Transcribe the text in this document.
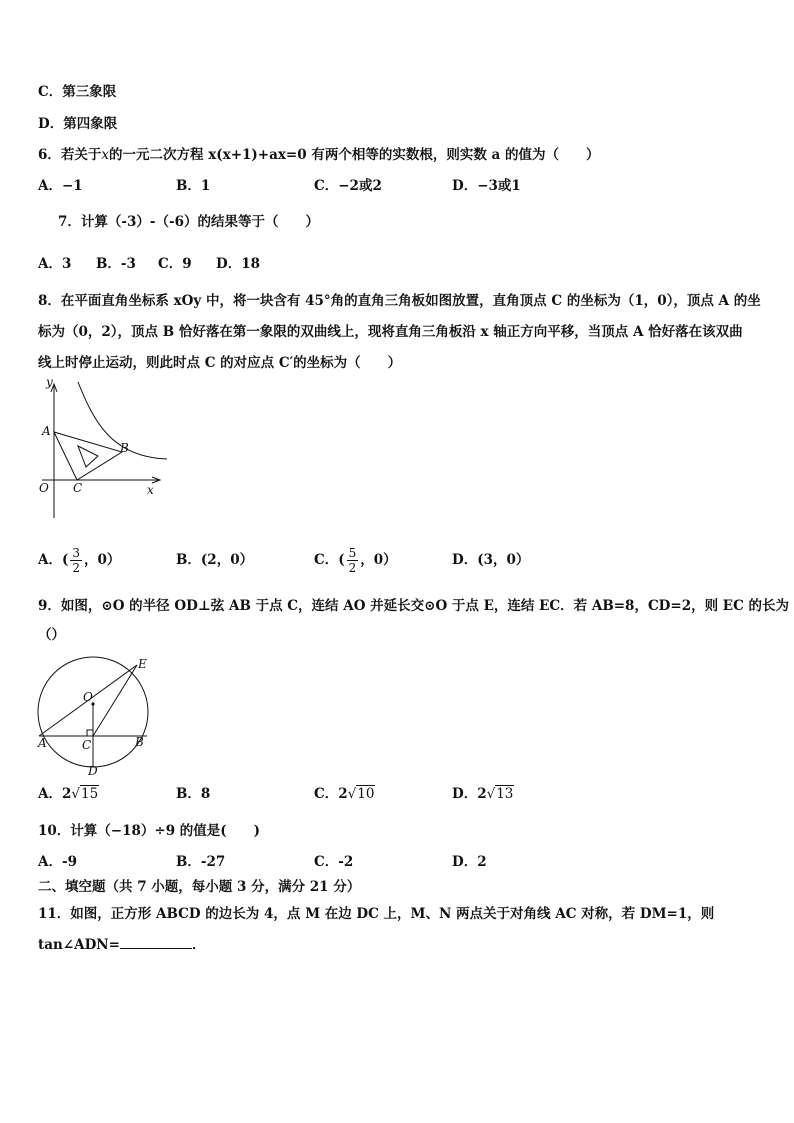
C．第三象限
D．第四象限
6．若关于x的一元二次方程 x(x+1)+ax=0 有两个相等的实数根，则实数 a 的值为（　　）
A．−1	B．1	C．−2或2	D．−3或1
7．计算（-3）-（-6）的结果等于（　　）
A．3 B．-3 C．9 D．18
8．在平面直角坐标系 xOy 中，将一块含有 45°角的直角三角板如图放置，直角顶点 C 的坐标为（1，0），顶点 A 的坐
标为（0，2），顶点 B 恰好落在第一象限的双曲线上，现将直角三角板沿 x 轴正方向平移，当顶点 A 恰好落在该双曲
线上时停止运动，则此时点 C 的对应点 C′的坐标为（　　）
y
x
A
B
O C
A．( $\frac{3}{2}$ ，0）	B．(2，0）	C．( $\frac{5}{2}$ ，0）	D．(3，0）
9．如图，⊙O 的半径 OD⊥弦 AB 于点 C，连结 AO 并延长交⊙O 于点 E，连结 EC．若 AB=8，CD=2，则 EC 的长为
（）
E
O
A	B
C
D
A．2√15	B．8	C．2√10	D．2√13
10．计算（−18）÷9 的值是(　　)
A．-9	B．-27	C．-2	D．2
二、填空题（共 7 小题，每小题 3 分，满分 21 分）
11．如图，正方形 ABCD 的边长为 4，点 M 在边 DC 上，M、N 两点关于对角线 AC 对称，若 DM=1，则
tan∠ADN=	．
